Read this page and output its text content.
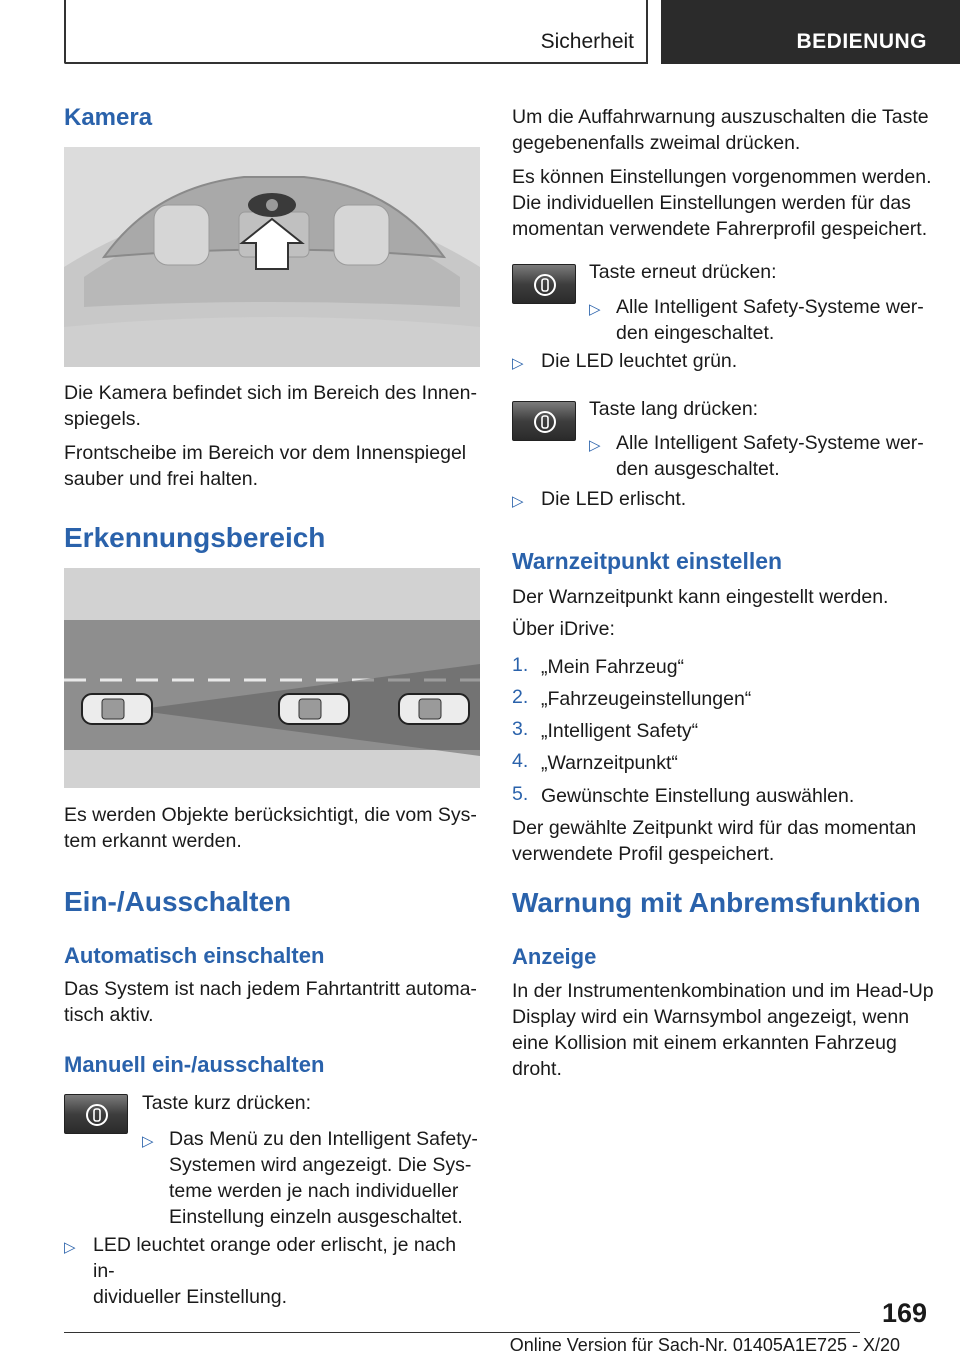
Sicherheit	BEDIENUNG
Kamera

Die Kamera befindet sich im Bereich des Innen-

spiegels.

Frontscheibe im Bereich vor dem Innenspiegel

sauber und frei halten.

Erkennungsbereich

Es werden Objekte berücksichtigt, die vom Sys-

tem erkannt werden.

Ein-/Ausschalten
Automatisch einschalten

Das System ist nach jedem Fahrtantritt automa-

tisch aktiv.

Manuell ein-/ausschalten
Taste kurz drücken:
▷ Das Menü zu den Intelligent Safety-

Systemen wird angezeigt. Die Sys-

teme werden je nach individueller

Einstellung einzeln ausgeschaltet.

▷ LED leuchtet orange oder erlischt, je nach in-

dividueller Einstellung.

Um die Auffahrwarnung auszuschalten die Taste

gegebenenfalls zweimal drücken.

Es können Einstellungen vorgenommen werden.

Die individuellen Einstellungen werden für das

momentan verwendete Fahrerprofil gespeichert.

Taste erneut drücken:
▷ Alle Intelligent Safety-Systeme wer-

den eingeschaltet.

▷ Die LED leuchtet grün.

Taste lang drücken:
▷ Alle Intelligent Safety-Systeme wer-

den ausgeschaltet.

▷ Die LED erlischt.

Warnzeitpunkt einstellen

Der Warnzeitpunkt kann eingestellt werden.

Über iDrive:

1. „Mein Fahrzeug“

2. „Fahrzeugeinstellungen“

3. „Intelligent Safety“

4. „Warnzeitpunkt“

5. Gewünschte Einstellung auswählen.

Der gewählte Zeitpunkt wird für das momentan

verwendete Profil gespeichert.

Warnung mit Anbremsfunktion
Anzeige

In der Instrumentenkombination und im Head-Up

Display wird ein Warnsymbol angezeigt, wenn

eine Kollision mit einem erkannten Fahrzeug

droht.

169
Online Version für Sach-Nr. 01405A1E725 - X/20
